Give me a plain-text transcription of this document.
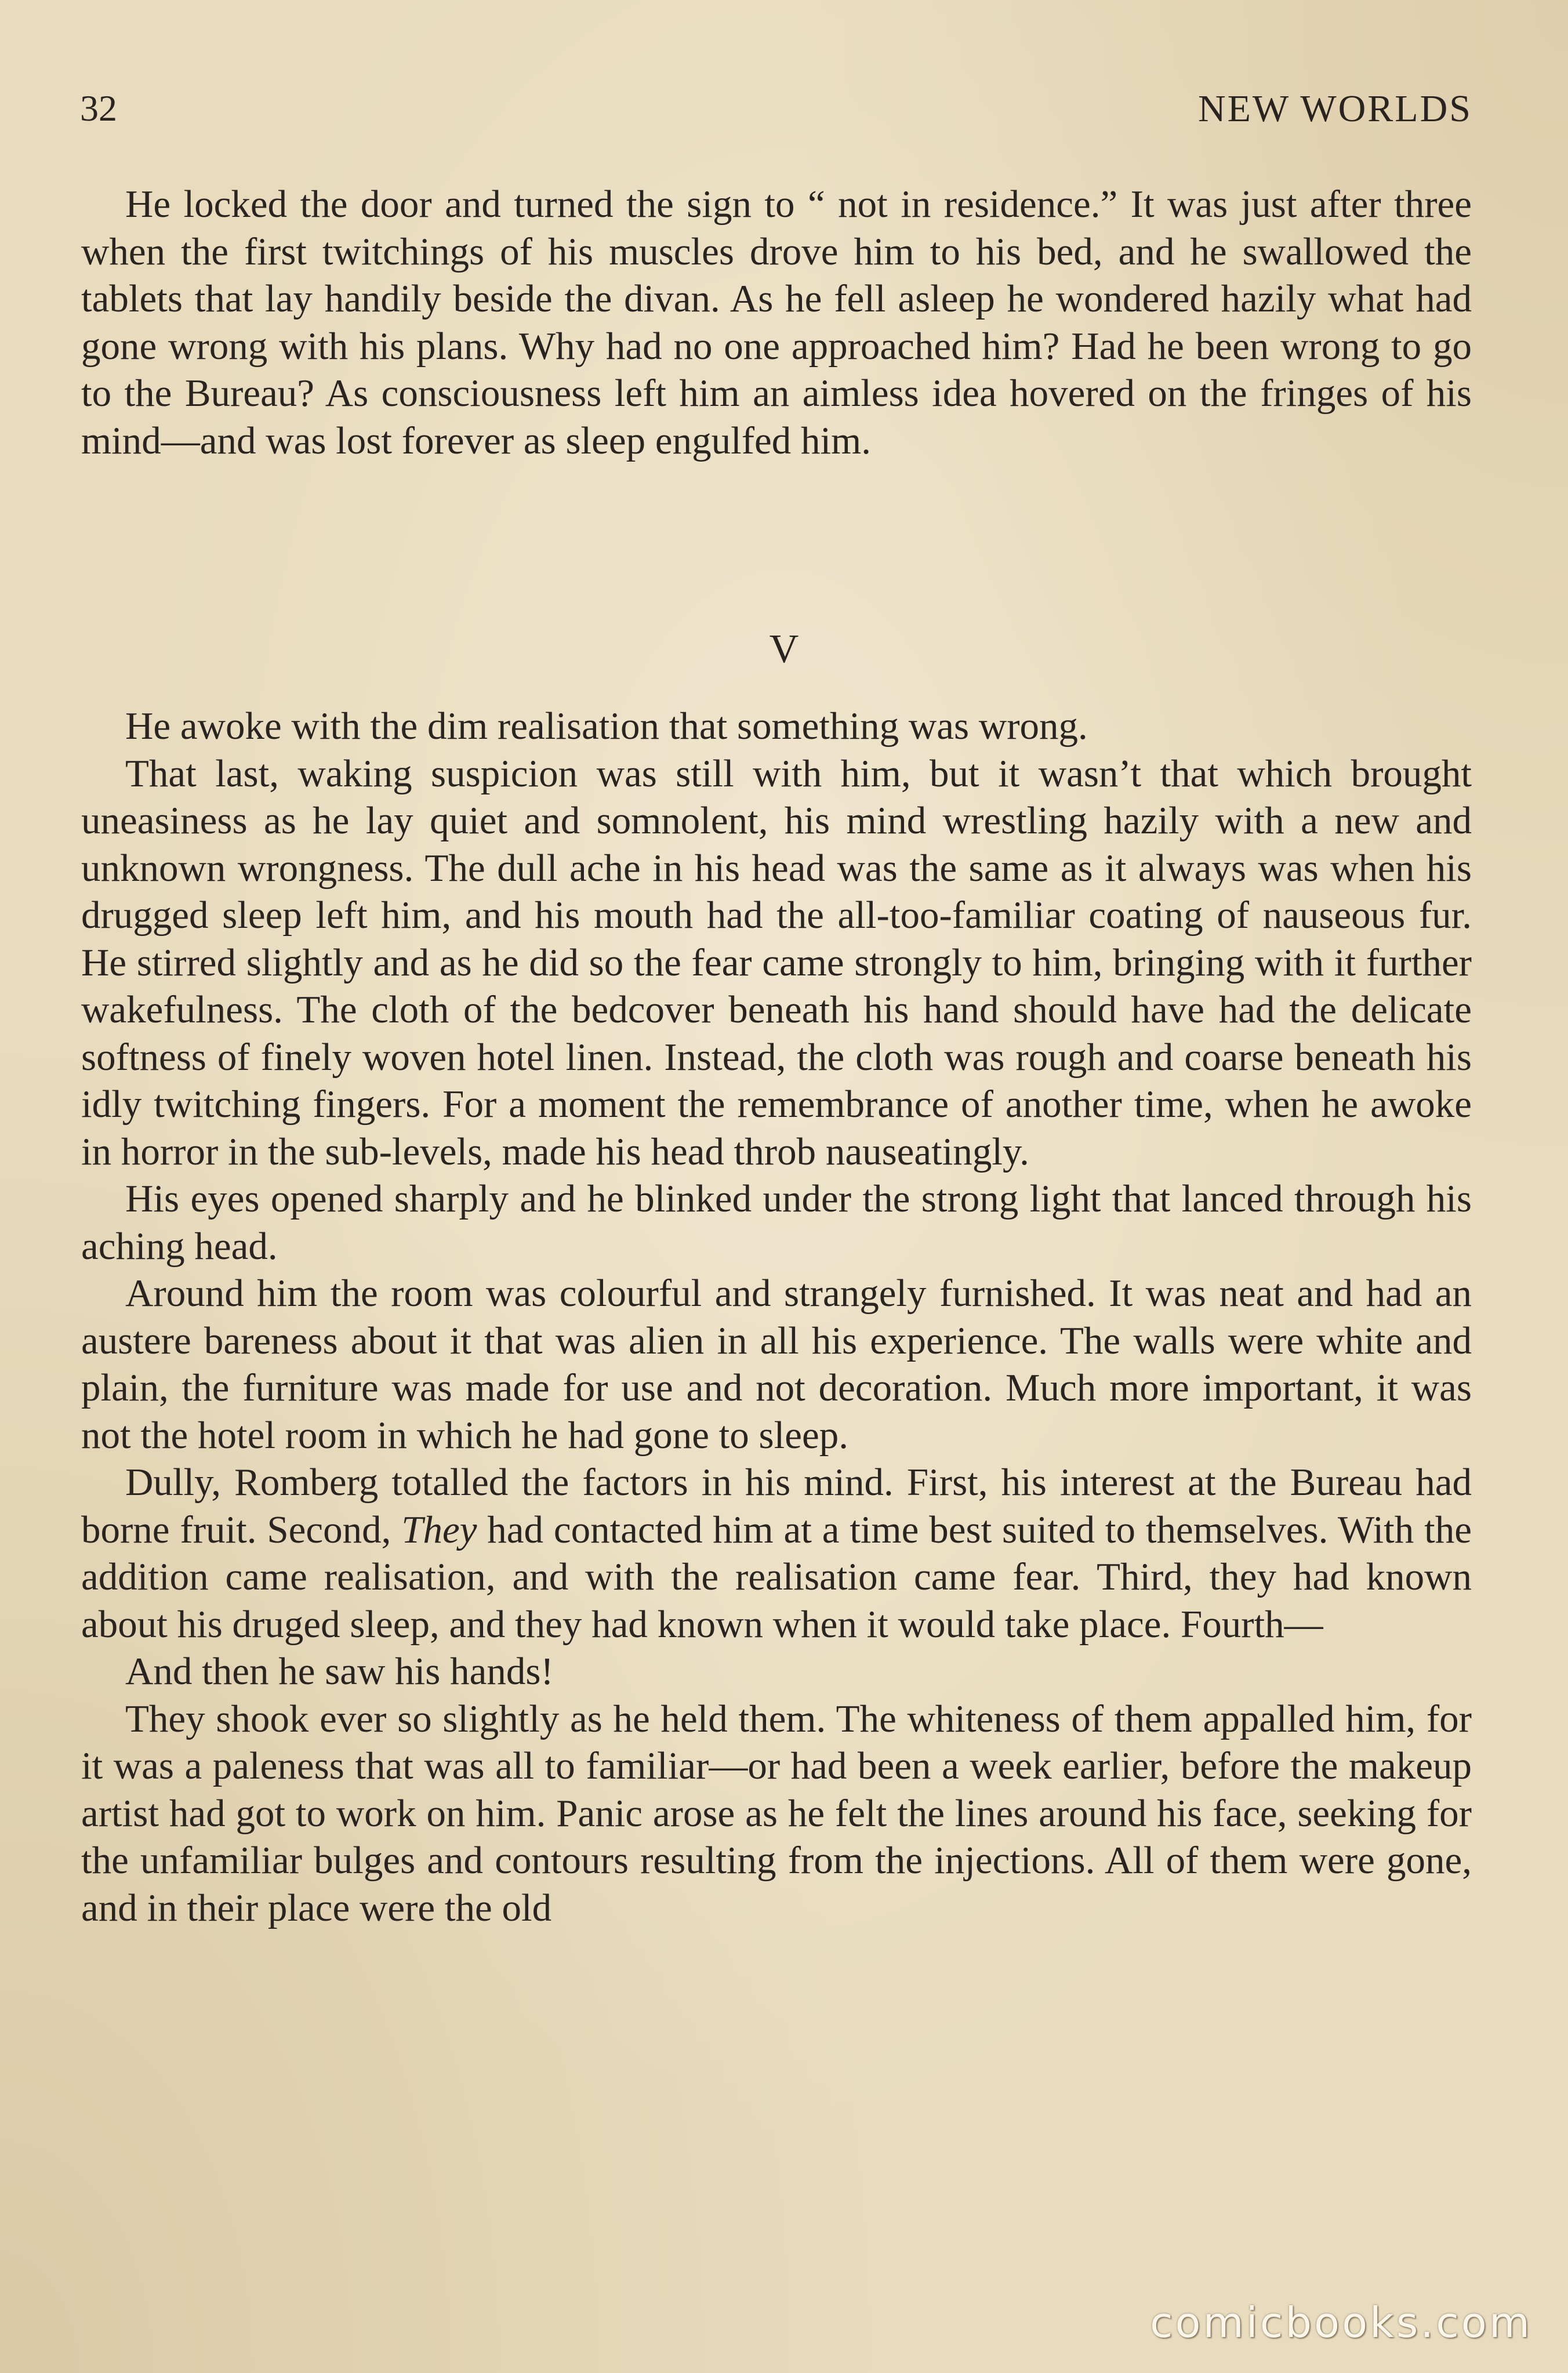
32	NEW WORLDS

He locked the door and turned the sign to “ not in residence.” It was just after three when the first twitchings of his muscles drove him to his bed, and he swallowed the tablets that lay handily beside the divan. As he fell asleep he wondered hazily what had gone wrong with his plans. Why had no one approached him? Had he been wrong to go to the Bureau? As consciousness left him an aimless idea hovered on the fringes of his mind—and was lost forever as sleep engulfed him.

V

He awoke with the dim realisation that something was wrong.

That last, waking suspicion was still with him, but it wasn’t that which brought uneasiness as he lay quiet and somnolent, his mind wrestling hazily with a new and unknown wrongness. The dull ache in his head was the same as it always was when his drugged sleep left him, and his mouth had the all-too-familiar coating of nauseous fur. He stirred slightly and as he did so the fear came strongly to him, bringing with it further wakefulness. The cloth of the bedcover beneath his hand should have had the delicate softness of finely woven hotel linen. Instead, the cloth was rough and coarse beneath his idly twitching fingers. For a moment the remembrance of another time, when he awoke in horror in the sub-levels, made his head throb nauseatingly.

His eyes opened sharply and he blinked under the strong light that lanced through his aching head.

Around him the room was colourful and strangely furnished. It was neat and had an austere bareness about it that was alien in all his experience. The walls were white and plain, the furniture was made for use and not decoration. Much more important, it was not the hotel room in which he had gone to sleep.

Dully, Romberg totalled the factors in his mind. First, his interest at the Bureau had borne fruit. Second, They had contacted him at a time best suited to themselves. With the addition came realisation, and with the realisation came fear. Third, they had known about his druged sleep, and they had known when it would take place. Fourth—

And then he saw his hands!

They shook ever so slightly as he held them. The whiteness of them appalled him, for it was a paleness that was all to familiar—or had been a week earlier, before the makeup artist had got to work on him. Panic arose as he felt the lines around his face, seeking for the unfamiliar bulges and contours resulting from the injections. All of them were gone, and in their place were the old

comicbooks.com
